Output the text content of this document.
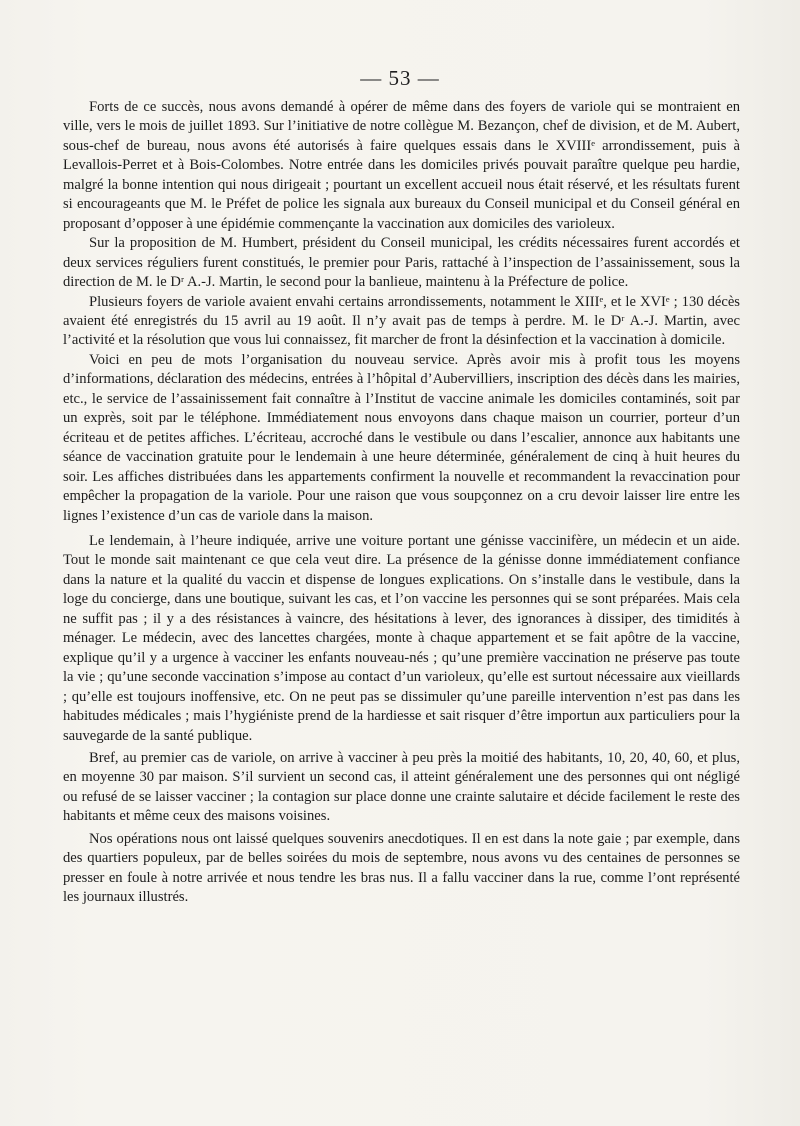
— 53 —

Forts de ce succès, nous avons demandé à opérer de même dans des foyers de variole qui se montraient en ville, vers le mois de juillet 1893. Sur l’initiative de notre collègue M. Bezançon, chef de division, et de M. Aubert, sous-chef de bureau, nous avons été autorisés à faire quelques essais dans le XVIIIᵉ arrondissement, puis à Levallois-Perret et à Bois-Colombes. Notre entrée dans les domiciles privés pouvait paraître quelque peu hardie, malgré la bonne intention qui nous dirigeait ; pourtant un excellent accueil nous était réservé, et les résultats furent si encourageants que M. le Préfet de police les signala aux bureaux du Conseil municipal et du Conseil général en proposant d’opposer à une épidémie commençante la vaccination aux domiciles des varioleux.

Sur la proposition de M. Humbert, président du Conseil municipal, les crédits nécessaires furent accordés et deux services réguliers furent constitués, le premier pour Paris, rattaché à l’inspection de l’assainissement, sous la direction de M. le Dʳ A.-J. Martin, le second pour la banlieue, maintenu à la Préfecture de police.

Plusieurs foyers de variole avaient envahi certains arrondissements, notamment le XIIIᵉ, et le XVIᵉ ; 130 décès avaient été enregistrés du 15 avril au 19 août. Il n’y avait pas de temps à perdre. M. le Dʳ A.-J. Martin, avec l’activité et la résolution que vous lui connaissez, fit marcher de front la désinfection et la vaccination à domicile.

Voici en peu de mots l’organisation du nouveau service. Après avoir mis à profit tous les moyens d’informations, déclaration des médecins, entrées à l’hôpital d’Aubervilliers, inscription des décès dans les mairies, etc., le service de l’assainissement fait connaître à l’Institut de vaccine animale les domiciles contaminés, soit par un exprès, soit par le téléphone. Immédiatement nous envoyons dans chaque maison un courrier, porteur d’un écriteau et de petites affiches. L’écriteau, accroché dans le vestibule ou dans l’escalier, annonce aux habitants une séance de vaccination gratuite pour le lendemain à une heure déterminée, généralement de cinq à huit heures du soir. Les affiches distribuées dans les appartements confirment la nouvelle et recommandent la revaccination pour empêcher la propagation de la variole. Pour une raison que vous soupçonnez on a cru devoir laisser lire entre les lignes l’existence d’un cas de variole dans la maison.

Le lendemain, à l’heure indiquée, arrive une voiture portant une génisse vaccinifère, un médecin et un aide. Tout le monde sait maintenant ce que cela veut dire. La présence de la génisse donne immédiatement confiance dans la nature et la qualité du vaccin et dispense de longues explications. On s’installe dans le vestibule, dans la loge du concierge, dans une boutique, suivant les cas, et l’on vaccine les personnes qui se sont préparées. Mais cela ne suffit pas ; il y a des résistances à vaincre, des hésitations à lever, des ignorances à dissiper, des timidités à ménager. Le médecin, avec des lancettes chargées, monte à chaque appartement et se fait apôtre de la vaccine, explique qu’il y a urgence à vacciner les enfants nouveau-nés ; qu’une première vaccination ne préserve pas toute la vie ; qu’une seconde vaccination s’impose au contact d’un varioleux, qu’elle est surtout nécessaire aux vieillards ; qu’elle est toujours inoffensive, etc. On ne peut pas se dissimuler qu’une pareille intervention n’est pas dans les habitudes médicales ; mais l’hygiéniste prend de la hardiesse et sait risquer d’être importun aux particuliers pour la sauvegarde de la santé publique.

Bref, au premier cas de variole, on arrive à vacciner à peu près la moitié des habitants, 10, 20, 40, 60, et plus, en moyenne 30 par maison. S’il survient un second cas, il atteint généralement une des personnes qui ont négligé ou refusé de se laisser vacciner ; la contagion sur place donne une crainte salutaire et décide facilement le reste des habitants et même ceux des maisons voisines.

Nos opérations nous ont laissé quelques souvenirs anecdotiques. Il en est dans la note gaie ; par exemple, dans des quartiers populeux, par de belles soirées du mois de septembre, nous avons vu des centaines de personnes se presser en foule à notre arrivée et nous tendre les bras nus. Il a fallu vacciner dans la rue, comme l’ont représenté les journaux illustrés.
